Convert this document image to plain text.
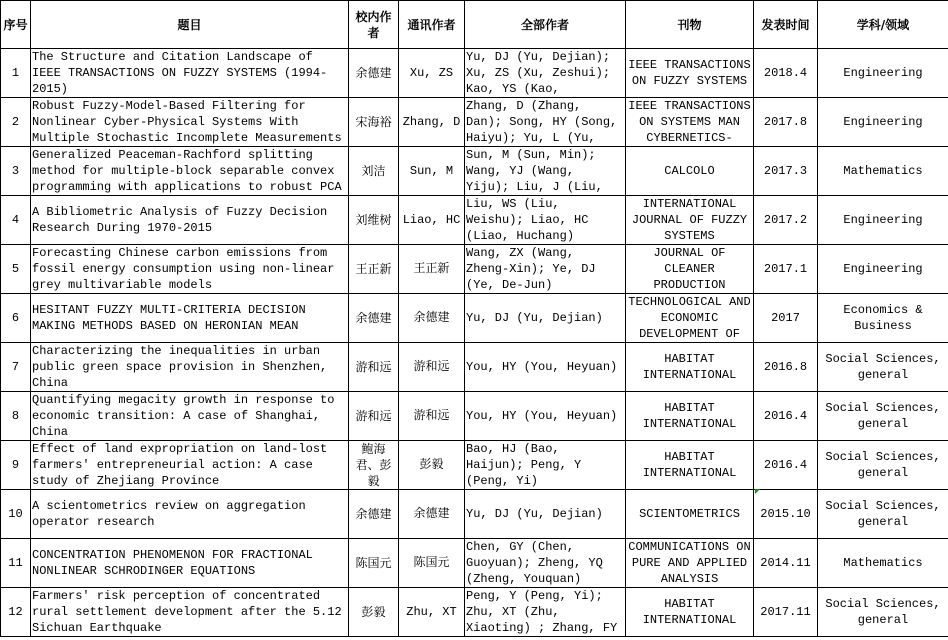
序号	题目	校内作者	通讯作者	全部作者	刊物	发表时间	学科/领域

1	The Structure and Citation Landscape of IEEE TRANSACTIONS ON FUZZY SYSTEMS (1994-2015)	余德建	Xu, ZS	Yu, DJ (Yu, Dejian); Xu, ZS (Xu, Zeshui); Kao, YS (Kao,	IEEE TRANSACTIONS ON FUZZY SYSTEMS	2018.4	Engineering

2	Robust Fuzzy-Model-Based Filtering for Nonlinear Cyber-Physical Systems With Multiple Stochastic Incomplete Measurements	宋海裕	Zhang, D	Zhang, D (Zhang, Dan); Song, HY (Song, Haiyu); Yu, L (Yu,	IEEE TRANSACTIONS ON SYSTEMS MAN CYBERNETICS-	2017.8	Engineering

3	Generalized Peaceman-Rachford splitting method for multiple-block separable convex programming with applications to robust PCA	刘洁	Sun, M	Sun, M (Sun, Min); Wang, YJ (Wang, Yiju); Liu, J (Liu,	CALCOLO	2017.3	Mathematics

4	A Bibliometric Analysis of Fuzzy Decision Research During 1970-2015	刘维树	Liao, HC	Liu, WS (Liu, Weishu); Liao, HC (Liao, Huchang)	INTERNATIONAL JOURNAL OF FUZZY SYSTEMS	2017.2	Engineering

5	Forecasting Chinese carbon emissions from fossil energy consumption using non-linear grey multivariable models	王正新	王正新	Wang, ZX (Wang, Zheng-Xin); Ye, DJ (Ye, De-Jun)	JOURNAL OF CLEANER PRODUCTION	2017.1	Engineering

6	HESITANT FUZZY MULTI-CRITERIA DECISION MAKING METHODS BASED ON HERONIAN MEAN	余德建	余德建	Yu, DJ (Yu, Dejian)	TECHNOLOGICAL AND ECONOMIC DEVELOPMENT OF	2017	Economics & Business

7	Characterizing the inequalities in urban public green space provision in Shenzhen, China	游和远	游和远	You, HY (You, Heyuan)	HABITAT INTERNATIONAL	2016.8	Social Sciences, general

8	Quantifying megacity growth in response to economic transition: A case of Shanghai, China	游和远	游和远	You, HY (You, Heyuan)	HABITAT INTERNATIONAL	2016.4	Social Sciences, general

9	Effect of land expropriation on land-lost farmers' entrepreneurial action: A case study of Zhejiang Province	鲍海君、彭毅	彭毅	Bao, HJ (Bao, Haijun); Peng, Y (Peng, Yi)	HABITAT INTERNATIONAL	2016.4	Social Sciences, general

10	A scientometrics review on aggregation operator research	余德建	余德建	Yu, DJ (Yu, Dejian)	SCIENTOMETRICS	2015.10	Social Sciences, general

11	CONCENTRATION PHENOMENON FOR FRACTIONAL NONLINEAR SCHRODINGER EQUATIONS	陈国元	陈国元	Chen, GY (Chen, Guoyuan); Zheng, YQ (Zheng, Youquan)	COMMUNICATIONS ON PURE AND APPLIED ANALYSIS	2014.11	Mathematics

12	Farmers' risk perception of concentrated rural settlement development after the 5.12 Sichuan Earthquake	彭毅	Zhu, XT	Peng, Y (Peng, Yi); Zhu, XT (Zhu, Xiaoting) ; Zhang, FY	HABITAT INTERNATIONAL	2017.11	Social Sciences, general
